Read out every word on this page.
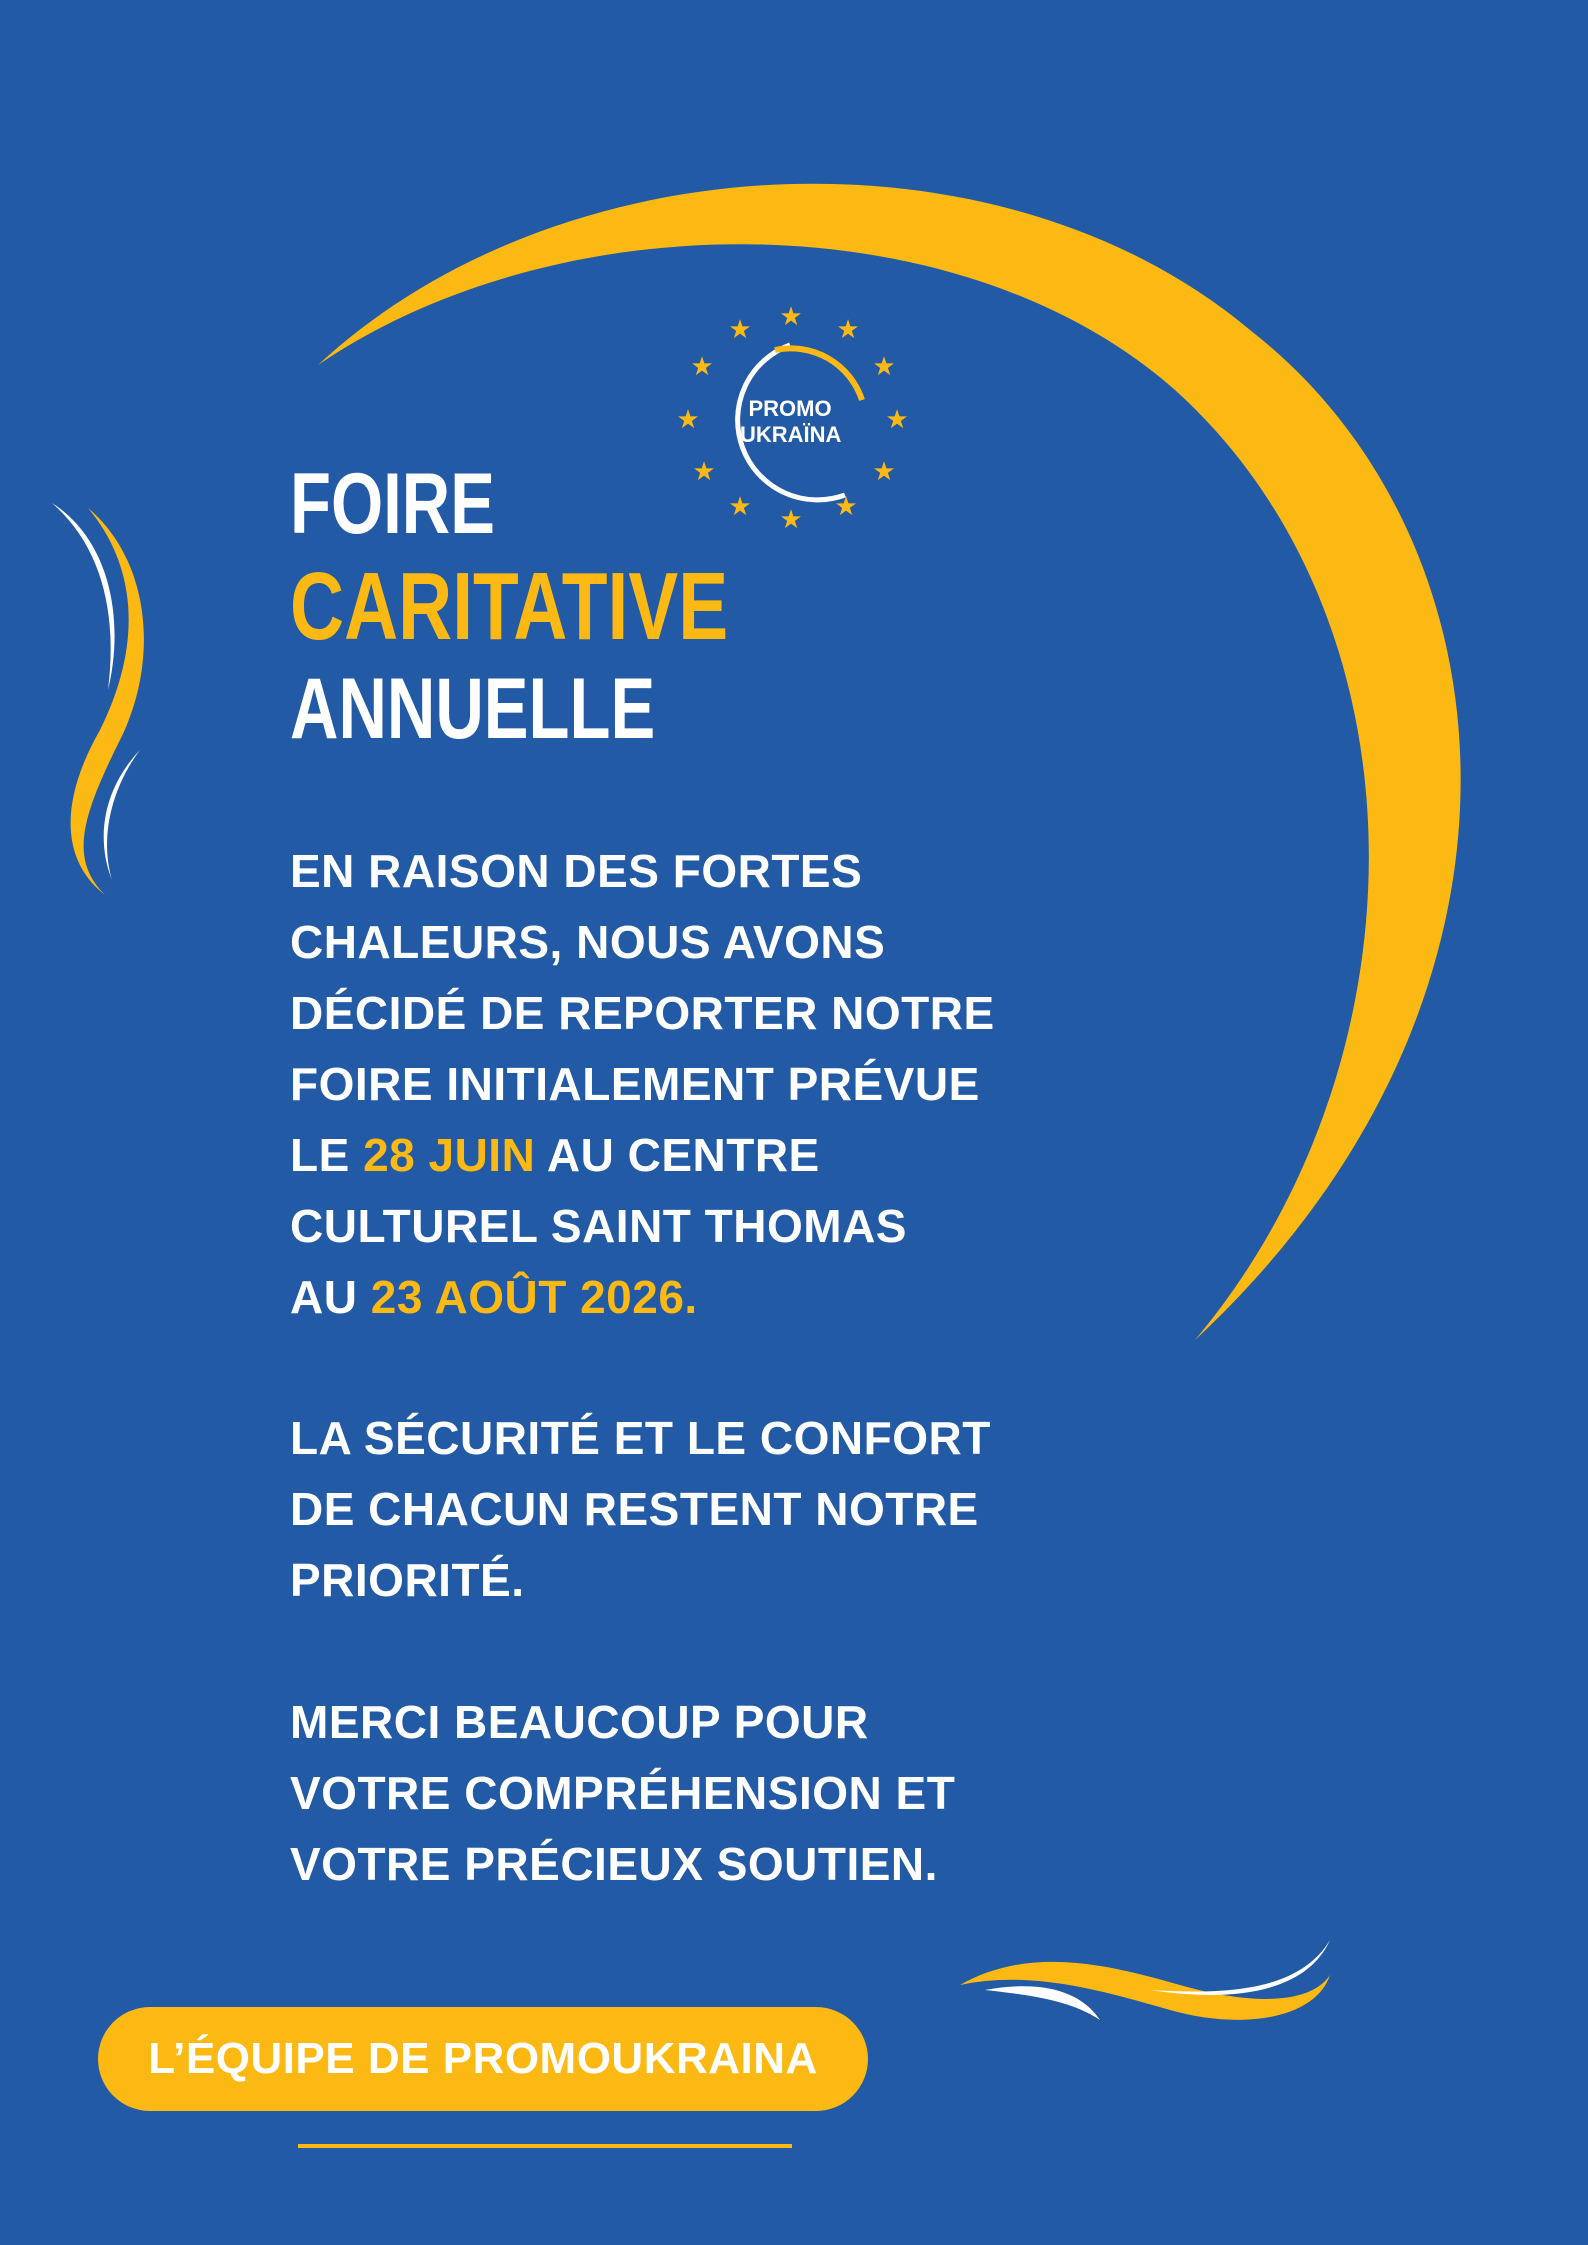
★ ★
★
★
★
★
★
★
★
★
★
★
PROMO
UKRAÏNA
FOIRE
CARITATIVE
ANNUELLE
EN RAISON DES FORTES
CHALEURS, NOUS AVONS
DÉCIDÉ DE REPORTER NOTRE
FOIRE INITIALEMENT PRÉVUE
LE 28 JUIN AU CENTRE
CULTUREL SAINT THOMAS
AU 23 AOÛT 2026.
LA SÉCURITÉ ET LE CONFORT
DE CHACUN RESTENT NOTRE
PRIORITÉ.
MERCI BEAUCOUP POUR
VOTRE COMPRÉHENSION ET
VOTRE PRÉCIEUX SOUTIEN.
L’ÉQUIPE DE PROMOUKRAINA
